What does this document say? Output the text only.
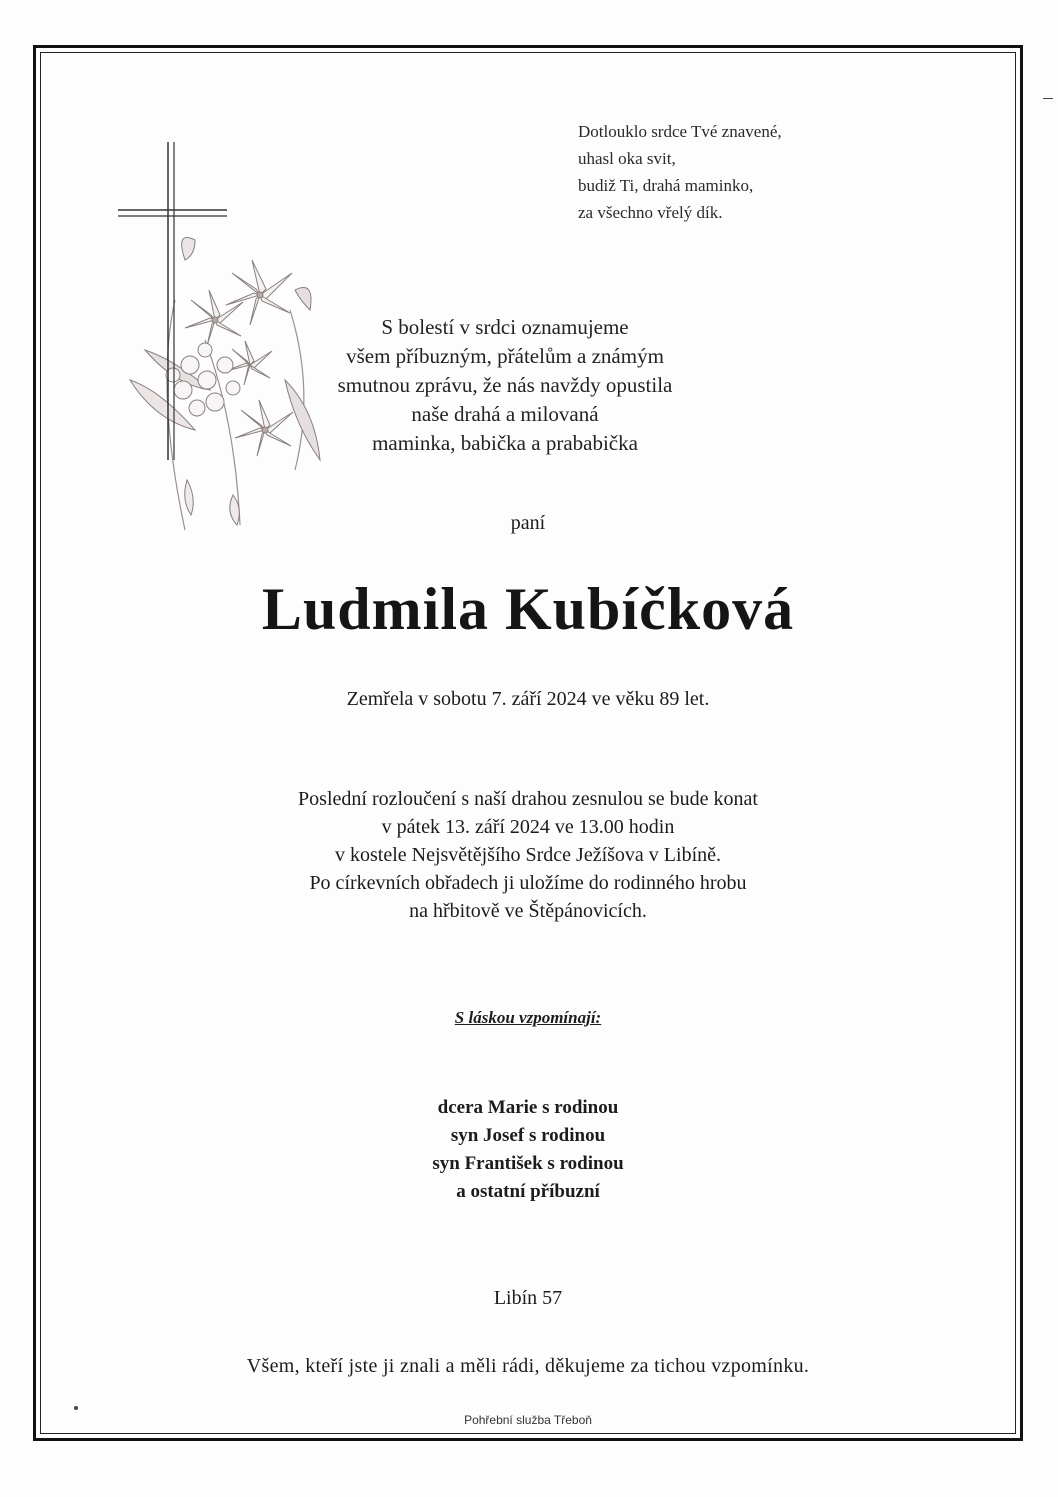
Dotlouklo srdce Tvé znavené,
uhasl oka svit,
budiž Ti, drahá maminko,
za všechno vřelý dík.
S bolestí v srdci oznamujeme
všem příbuzným, přátelům a známým
smutnou zprávu, že nás navždy opustila
naše drahá a milovaná
maminka, babička a prababička
paní
Ludmila Kubíčková
Zemřela v sobotu 7. září 2024 ve věku 89 let.
Poslední rozloučení s naší drahou zesnulou se bude konat
v pátek 13. září 2024 ve 13.00 hodin
v kostele Nejsvětějšího Srdce Ježíšova v Libíně.
Po církevních obřadech ji uložíme do rodinného hrobu
na hřbitově ve Štěpánovicích.
S láskou vzpomínají:
dcera Marie s rodinou
syn Josef s rodinou
syn František s rodinou
a ostatní příbuzní
Libín 57
Všem, kteří jste ji znali a měli rádi, děkujeme za tichou vzpomínku.
Pohřební služba Třeboň
